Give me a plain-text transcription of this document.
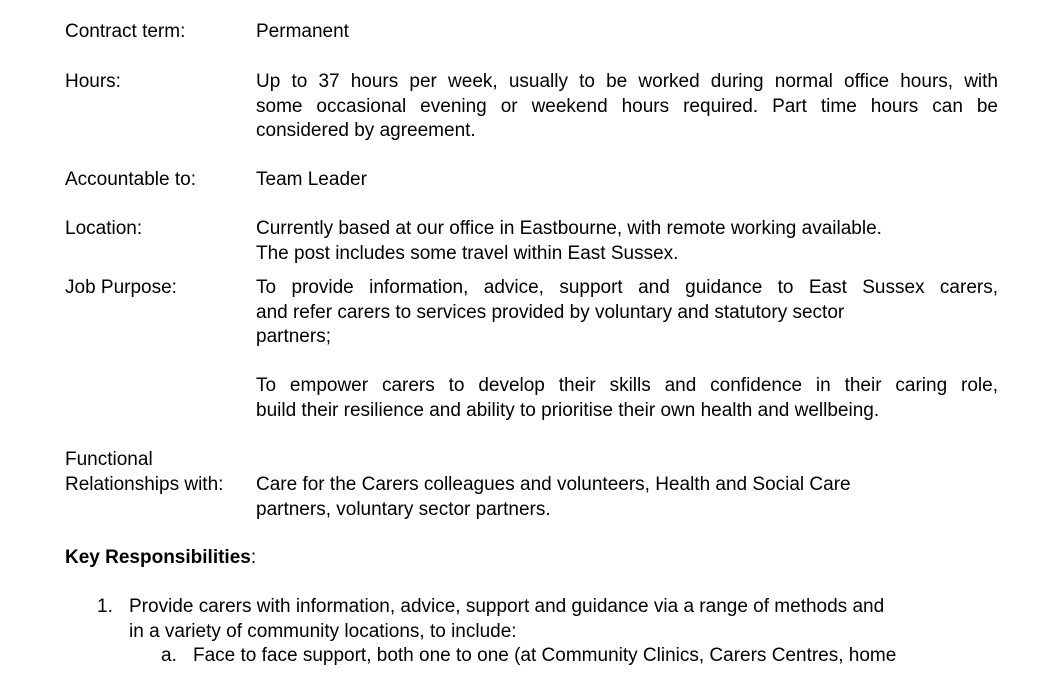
Contract term:	Permanent
Hours:	Up to 37 hours per week, usually to be worked during normal office hours, with
some occasional evening or weekend hours required. Part time hours can be
considered by agreement.
Accountable to:	Team Leader
Location:	Currently based at our office in Eastbourne, with remote working available.
The post includes some travel within East Sussex.
Job Purpose:	To provide information, advice, support and guidance to East Sussex carers,
and refer carers to services provided by voluntary and statutory sector
partners;
To empower carers to develop their skills and confidence in their caring role,
build their resilience and ability to prioritise their own health and wellbeing.
Functional
Relationships with: Care for the Carers colleagues and volunteers, Health and Social Care
partners, voluntary sector partners.
Key Responsibilities:
1. Provide carers with information, advice, support and guidance via a range of methods and
in a variety of community locations, to include:
a. Face to face support, both one to one (at Community Clinics, Carers Centres, home
